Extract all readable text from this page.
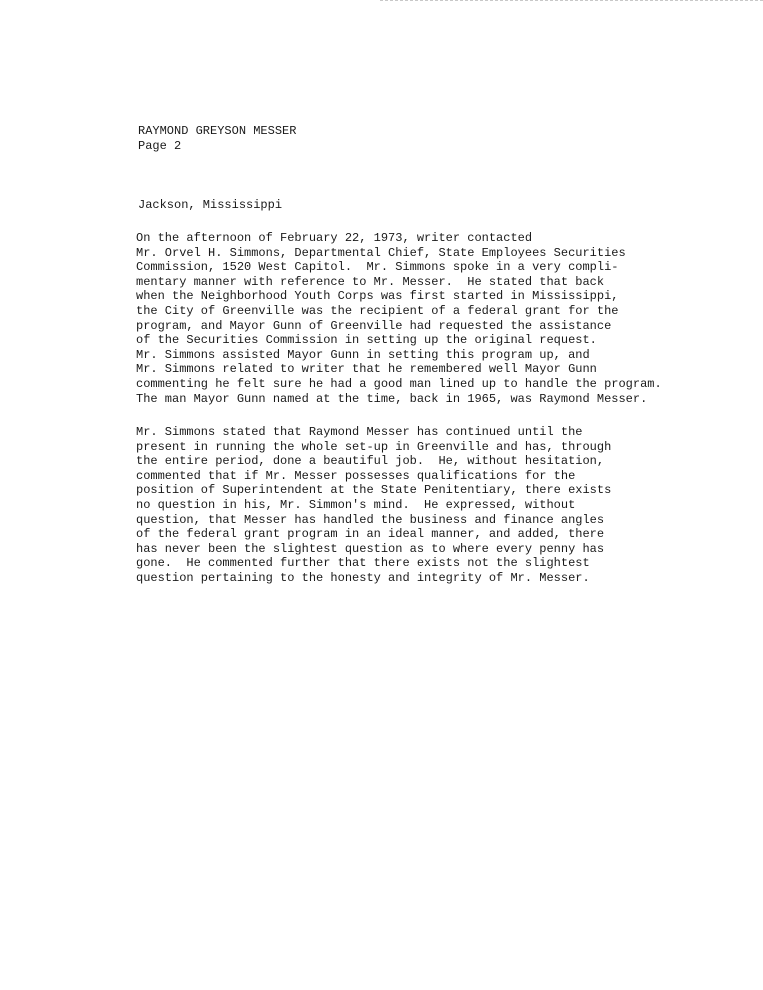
RAYMOND GREYSON MESSER
Page 2
Jackson, Mississippi
On the afternoon of February 22, 1973, writer contacted
Mr. Orvel H. Simmons, Departmental Chief, State Employees Securities
Commission, 1520 West Capitol.  Mr. Simmons spoke in a very compli-
mentary manner with reference to Mr. Messer.  He stated that back
when the Neighborhood Youth Corps was first started in Mississippi,
the City of Greenville was the recipient of a federal grant for the
program, and Mayor Gunn of Greenville had requested the assistance
of the Securities Commission in setting up the original request.
Mr. Simmons assisted Mayor Gunn in setting this program up, and
Mr. Simmons related to writer that he remembered well Mayor Gunn
commenting he felt sure he had a good man lined up to handle the program.
The man Mayor Gunn named at the time, back in 1965, was Raymond Messer.
Mr. Simmons stated that Raymond Messer has continued until the
present in running the whole set-up in Greenville and has, through
the entire period, done a beautiful job.  He, without hesitation,
commented that if Mr. Messer possesses qualifications for the
position of Superintendent at the State Penitentiary, there exists
no question in his, Mr. Simmon's mind.  He expressed, without
question, that Messer has handled the business and finance angles
of the federal grant program in an ideal manner, and added, there
has never been the slightest question as to where every penny has
gone.  He commented further that there exists not the slightest
question pertaining to the honesty and integrity of Mr. Messer.
